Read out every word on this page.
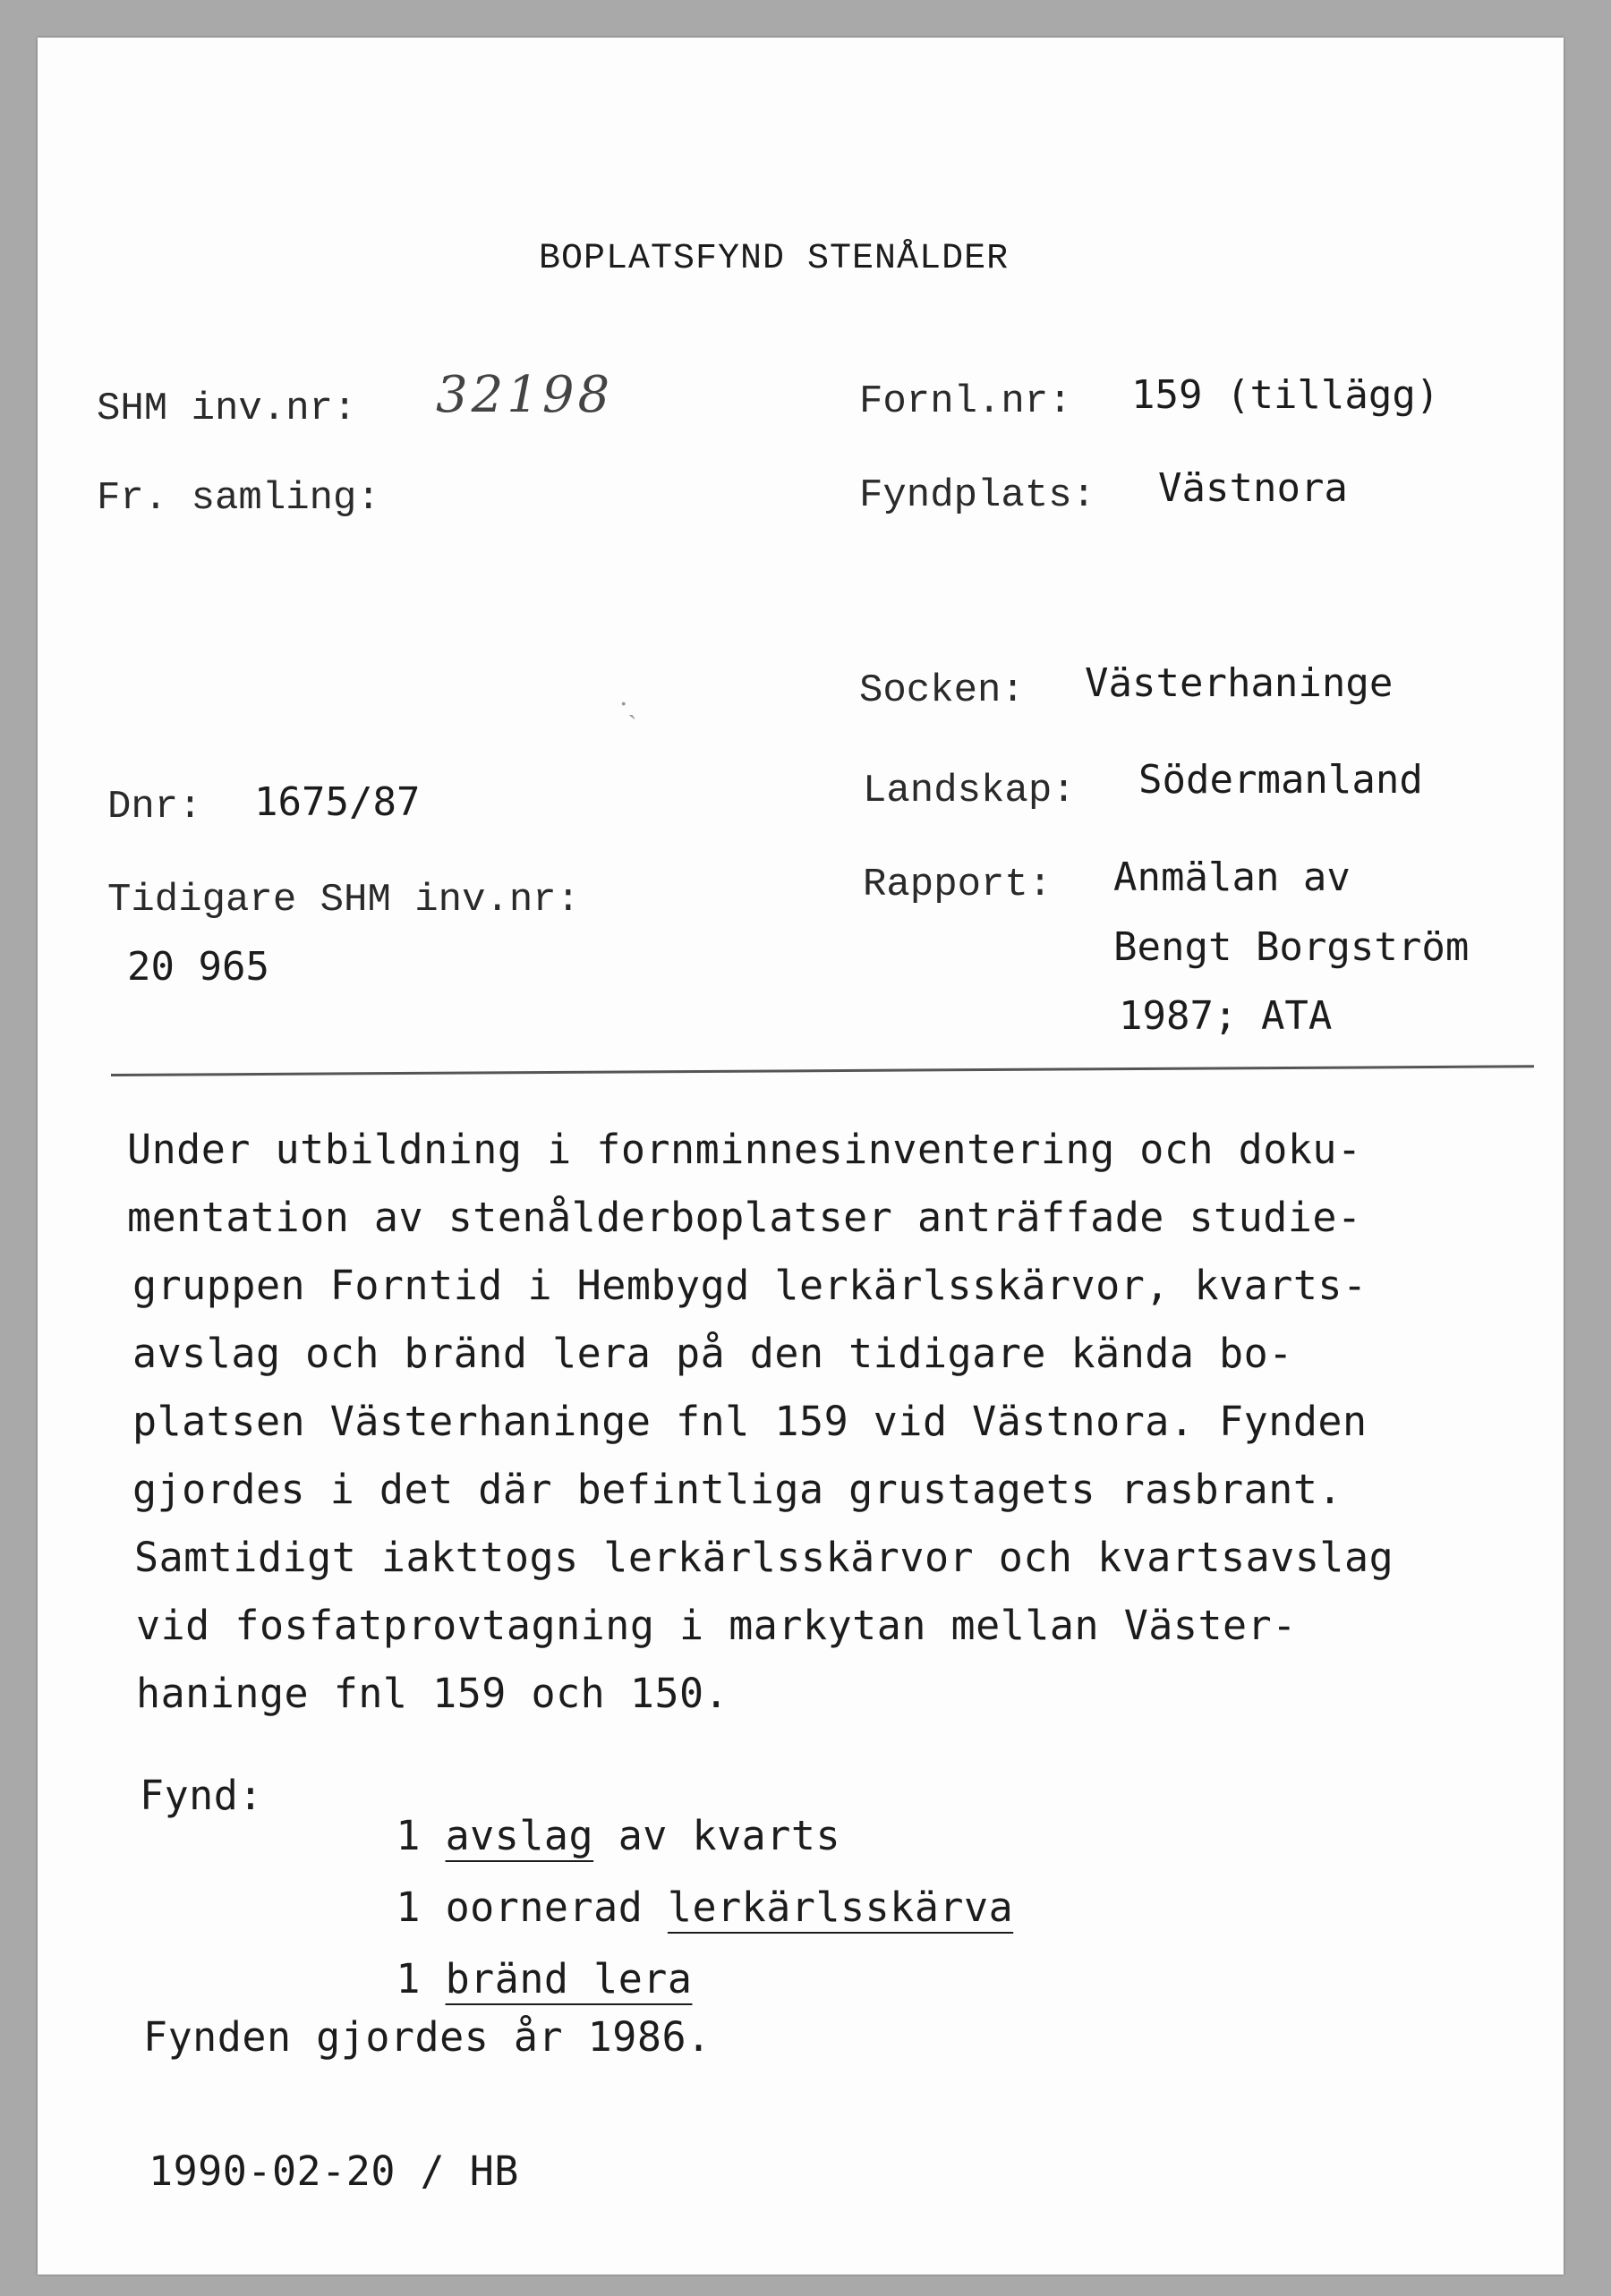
BOPLATSFYND STENÅLDER
SHM inv.nr: 32198
Fr. samling:
Dnr: 1675/87
Tidigare SHM inv.nr:
20 965
Fornl.nr: 159 (tillägg)
Fyndplats: Västnora
Socken: Västerhaninge
Landskap: Södermanland
Rapport: Anmälan av
Bengt Borgström
1987; ATA
Under utbildning i fornminnesinventering och doku-
mentation av stenålderboplatser anträffade studie-
gruppen Forntid i Hembygd lerkärlsskärvor, kvarts-
avslag och bränd lera på den tidigare kända bo-
platsen Västerhaninge fnl 159 vid Västnora. Fynden
gjordes i det där befintliga grustagets rasbrant.
Samtidigt iakttogs lerkärlsskärvor och kvartsavslag
vid fosfatprovtagning i markytan mellan Väster-
haninge fnl 159 och 150.
Fynd:

1 avslag av kvarts

1 oornerad lerkärlsskärva

1 bränd lera

Fynden gjordes år 1986.
1990-02-20 / HB
·ˎ
